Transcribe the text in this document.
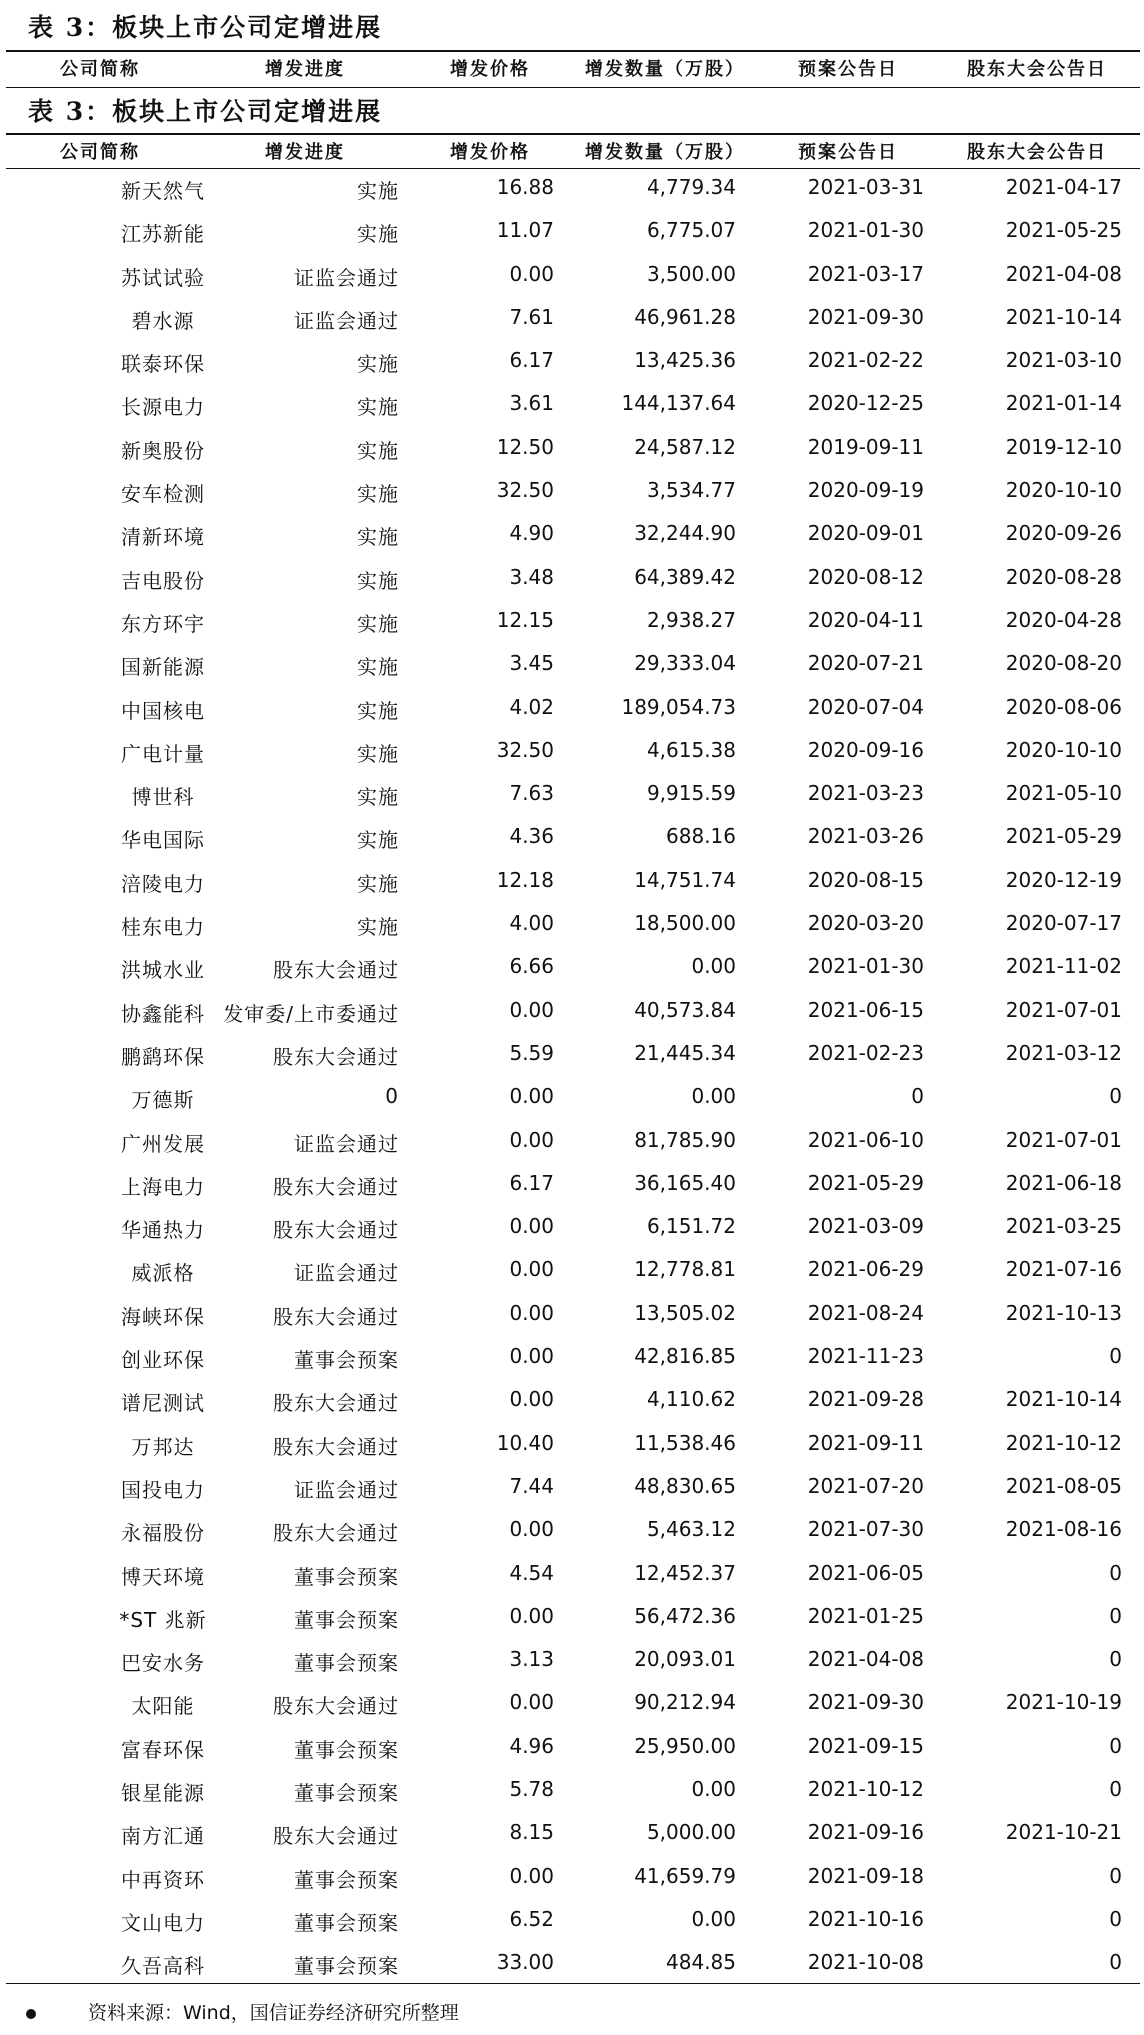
表 3：板块上市公司定增进展
公司简称	增发进度	增发价格	增发数量（万股）	预案公告日	股东大会公告日
表 3：板块上市公司定增进展
公司简称	增发进度	增发价格	增发数量（万股）	预案公告日	股东大会公告日
新天然气	实施	16.88	4,779.34	2021-03-31	2021-04-17
江苏新能	实施	11.07	6,775.07	2021-01-30	2021-05-25
苏试试验	证监会通过	0.00	3,500.00	2021-03-17	2021-04-08
碧水源	证监会通过	7.61	46,961.28	2021-09-30	2021-10-14
联泰环保	实施	6.17	13,425.36	2021-02-22	2021-03-10
长源电力	实施	3.61	144,137.64	2020-12-25	2021-01-14
新奥股份	实施	12.50	24,587.12	2019-09-11	2019-12-10
安车检测	实施	32.50	3,534.77	2020-09-19	2020-10-10
清新环境	实施	4.90	32,244.90	2020-09-01	2020-09-26
吉电股份	实施	3.48	64,389.42	2020-08-12	2020-08-28
东方环宇	实施	12.15	2,938.27	2020-04-11	2020-04-28
国新能源	实施	3.45	29,333.04	2020-07-21	2020-08-20
中国核电	实施	4.02	189,054.73	2020-07-04	2020-08-06
广电计量	实施	32.50	4,615.38	2020-09-16	2020-10-10
博世科	实施	7.63	9,915.59	2021-03-23	2021-05-10
华电国际	实施	4.36	688.16	2021-03-26	2021-05-29
涪陵电力	实施	12.18	14,751.74	2020-08-15	2020-12-19
桂东电力	实施	4.00	18,500.00	2020-03-20	2020-07-17
洪城水业	股东大会通过	6.66	0.00	2021-01-30	2021-11-02
协鑫能科 发审委/上市委通过	0.00	40,573.84	2021-06-15	2021-07-01
鹏鹞环保	股东大会通过	5.59	21,445.34	2021-02-23	2021-03-12
万德斯	0	0.00	0.00	0	0
广州发展	证监会通过	0.00	81,785.90	2021-06-10	2021-07-01
上海电力	股东大会通过	6.17	36,165.40	2021-05-29	2021-06-18
华通热力	股东大会通过	0.00	6,151.72	2021-03-09	2021-03-25
威派格	证监会通过	0.00	12,778.81	2021-06-29	2021-07-16
海峡环保	股东大会通过	0.00	13,505.02	2021-08-24	2021-10-13
创业环保	董事会预案	0.00	42,816.85	2021-11-23	0
谱尼测试	股东大会通过	0.00	4,110.62	2021-09-28	2021-10-14
万邦达	股东大会通过	10.40	11,538.46	2021-09-11	2021-10-12
国投电力	证监会通过	7.44	48,830.65	2021-07-20	2021-08-05
永福股份	股东大会通过	0.00	5,463.12	2021-07-30	2021-08-16
博天环境	董事会预案	4.54	12,452.37	2021-06-05	0
*ST 兆新	董事会预案	0.00	56,472.36	2021-01-25	0
巴安水务	董事会预案	3.13	20,093.01	2021-04-08	0
太阳能	股东大会通过	0.00	90,212.94	2021-09-30	2021-10-19
富春环保	董事会预案	4.96	25,950.00	2021-09-15	0
银星能源	董事会预案	5.78	0.00	2021-10-12	0
南方汇通	股东大会通过	8.15	5,000.00	2021-09-16	2021-10-21
中再资环	董事会预案	0.00	41,659.79	2021-09-18	0
文山电力	董事会预案	6.52	0.00	2021-10-16	0
久吾高科	董事会预案	33.00	484.85	2021-10-08	0
资料来源：Wind，国信证券经济研究所整理
